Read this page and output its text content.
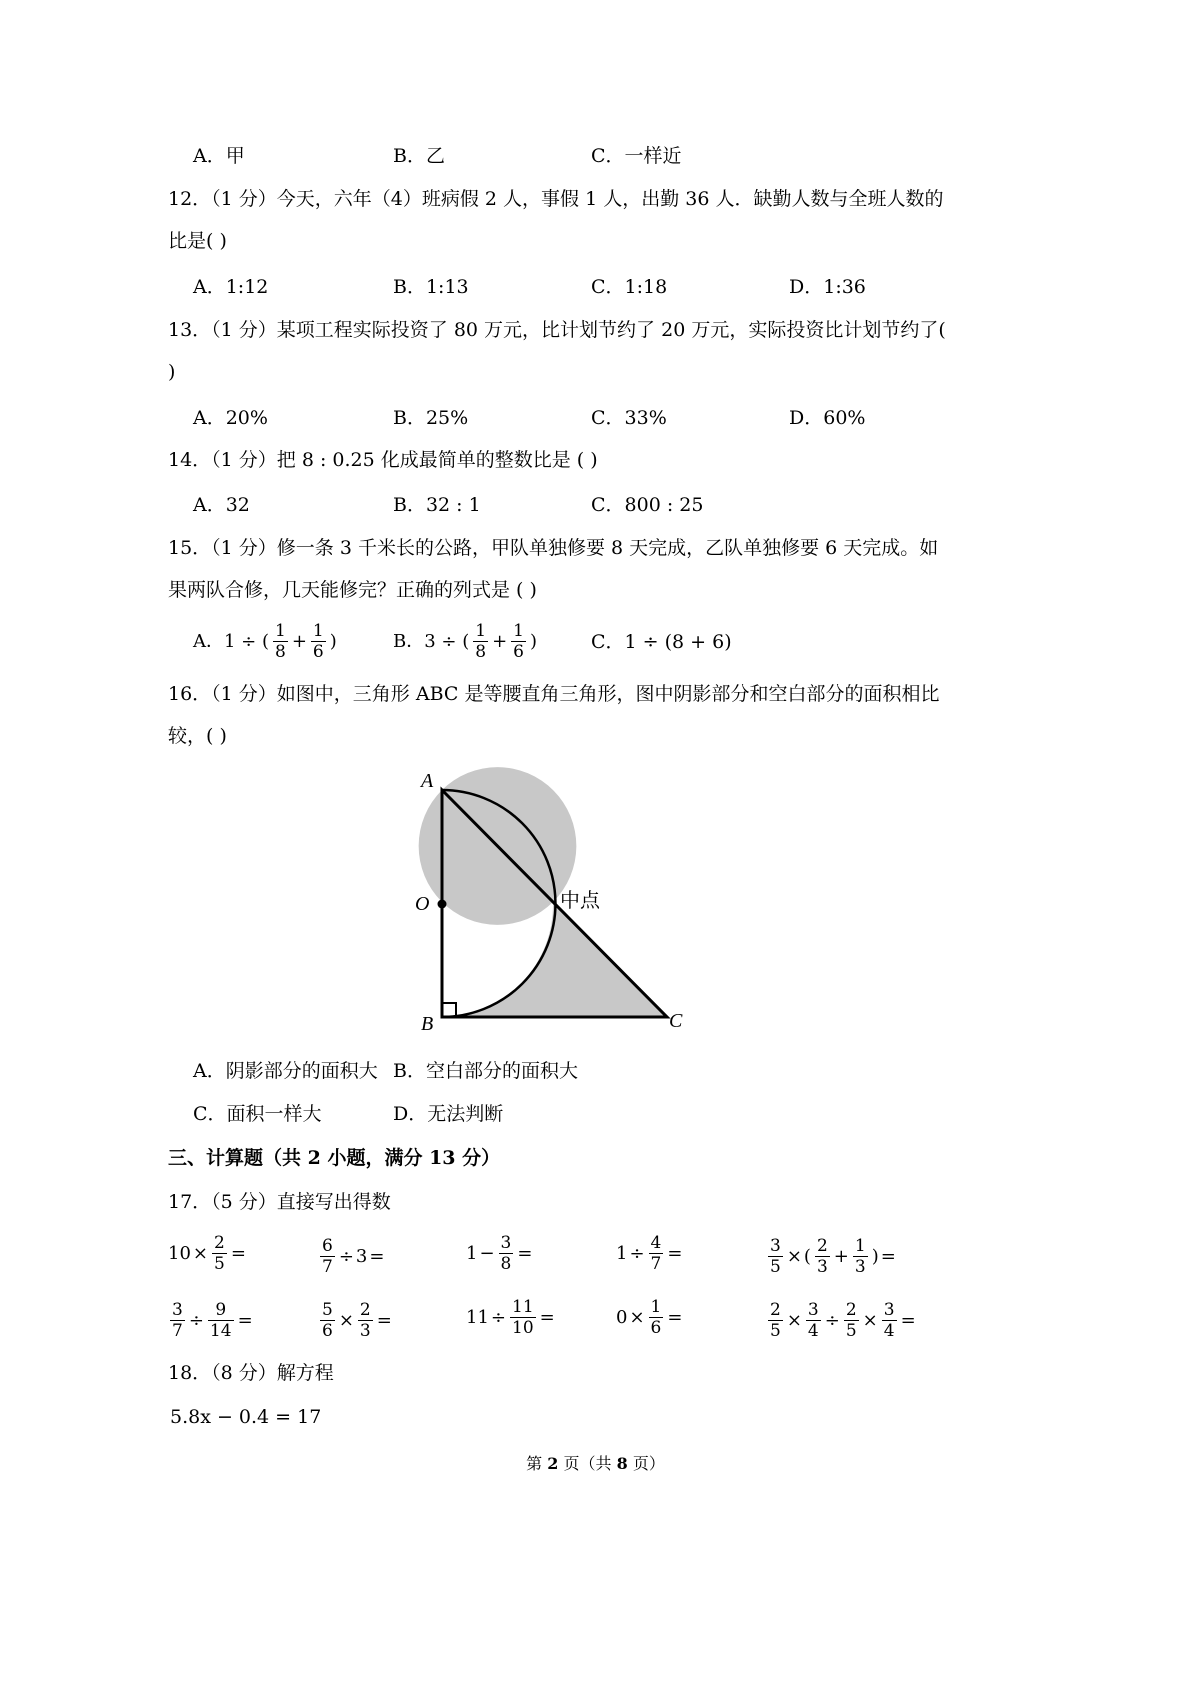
A．甲	B．乙	C．一样近
12．（1 分）今天，六年（4）班病假 2 人，事假 1 人，出勤 36 人．缺勤人数与全班人数的
比是( )
A．1:12	B．1:13	C．1:18	D．1:36
13．（1 分）某项工程实际投资了 80 万元，比计划节约了 20 万元，实际投资比计划节约了(
)
A．20%	B．25%	C．33%	D．60%
14．（1 分）把 8 : 0.25 化成最简单的整数比是 ( )
A．32	B．32 : 1	C．800 : 25
15．（1 分）修一条 3 千米长的公路，甲队单独修要 8 天完成，乙队单独修要 6 天完成。如
果两队合修，几天能修完？正确的列式是 ( )
A．1 ÷ ( $\frac{1}{8} + \frac{1}{6}$ )	B．3 ÷ ( $\frac{1}{8} + \frac{1}{6}$ )	C．1 ÷ (8 + 6)
16．（1 分）如图中，三角形 ABC 是等腰直角三角形，图中阴影部分和空白部分的面积相比
较，( )
A
O
B	C
中点
A．阴影部分的面积大 B．空白部分的面积大
C．面积一样大	D．无法判断
三、计算题（共 2 小题，满分 13 分）
17．（5 分）直接写出得数
$10 \times \frac{2}{5}$ =	$\frac{6}{7} \div 3$ =	$1 - \frac{3}{8}$ =	$1 \div \frac{4}{7}$ =	$\frac{3}{5}$ × ( $\frac{2}{3} + \frac{1}{3}$ ) =
$\frac{3}{7} \div \frac{9}{14}$ =	$\frac{5}{6} \times \frac{2}{3}$ =	$11 \div \frac{11}{10}$ =	$0 \times \frac{1}{6}$ =	$\frac{2}{5} \times \frac{3}{4} \div \frac{2}{5} \times \frac{3}{4}$ =
18．（8 分）解方程
5.8x − 0.4 = 17
第 2 页（共 8 页）
